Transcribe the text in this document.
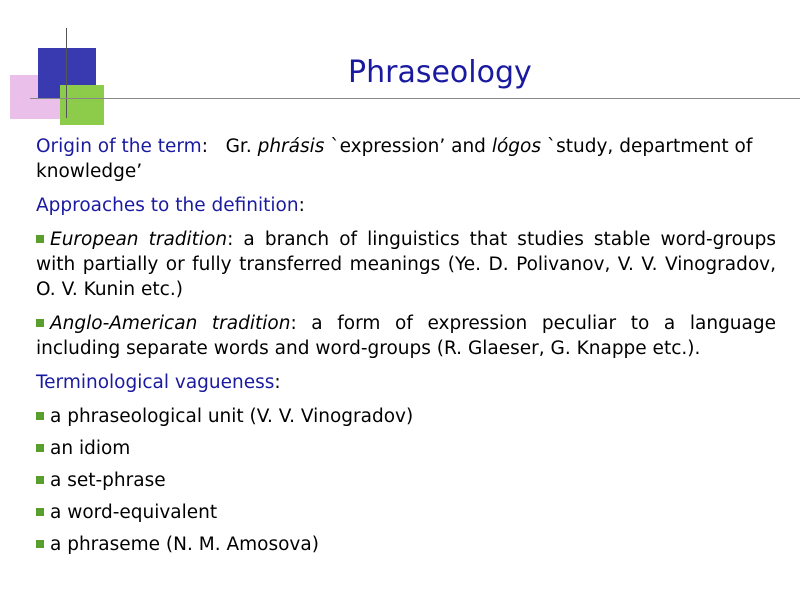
Phraseology

Origin of the term: Gr. phrásis `expression’ and lógos `study, department of knowledge’

Approaches to the definition:

European tradition: a branch of linguistics that studies stable word-groups with partially or fully transferred meanings (Ye. D. Polivanov, V. V. Vinogradov, O. V. Kunin etc.)

Anglo-American tradition: a form of expression peculiar to a language including separate words and word-groups (R. Glaeser, G. Knappe etc.).

Terminological vagueness:

a phraseological unit (V. V. Vinogradov)

an idiom

a set-phrase

a word-equivalent

a phraseme (N. M. Amosova)
